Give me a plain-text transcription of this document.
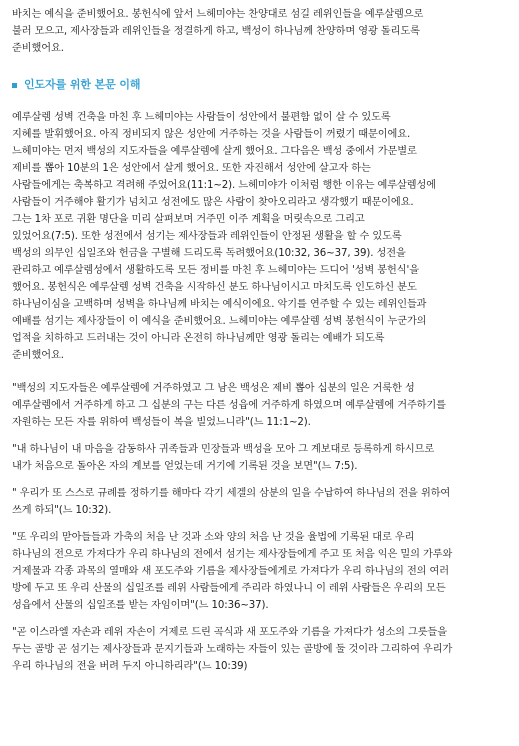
바치는 예식을 준비했어요. 봉헌식에 앞서 느헤미야는 찬양대로 섬길 레위인들을 예루살렘으로
불러 모으고, 제사장들과 레위인들을 정결하게 하고, 백성이 하나님께 찬양하며 영광 돌리도록
준비했어요.
인도자를 위한 본문 이해
예루살렘 성벽 건축을 마친 후 느헤미야는 사람들이 성안에서 불편함 없이 살 수 있도록
지혜를 발휘했어요. 아직 정비되지 않은 성안에 거주하는 것을 사람들이 꺼렸기 때문이에요.
느헤미야는 먼저 백성의 지도자들을 예루살렘에 살게 했어요. 그다음은 백성 중에서 가문별로
제비를 뽑아 10분의 1은 성안에서 살게 했어요. 또한 자진해서 성안에 살고자 하는
사람들에게는 축복하고 격려해 주었어요(11:1~2). 느헤미야가 이처럼 행한 이유는 예루살렘성에
사람들이 거주해야 활기가 넘치고 성전에도 많은 사람이 찾아오리라고 생각했기 때문이에요.
그는 1차 포로 귀환 명단을 미리 살펴보며 거주민 이주 계획을 머릿속으로 그리고
있었어요(7:5). 또한 성전에서 섬기는 제사장들과 레위인들이 안정된 생활을 할 수 있도록
백성의 의무인 십일조와 헌금을 구별해 드리도록 독려했어요(10:32, 36~37, 39). 성전을
관리하고 예루살렘성에서 생활하도록 모든 정비를 마친 후 느헤미야는 드디어 '성벽 봉헌식'을
했어요. 봉헌식은 예루살렘 성벽 건축을 시작하신 분도 하나님이시고 마치도록 인도하신 분도
하나님이심을 고백하며 성벽을 하나님께 바치는 예식이에요. 악기를 연주할 수 있는 레위인들과
예배를 섬기는 제사장들이 이 예식을 준비했어요. 느헤미야는 예루살렘 성벽 봉헌식이 누군가의
업적을 치하하고 드러내는 것이 아니라 온전히 하나님께만 영광 돌리는 예배가 되도록
준비했어요.
"백성의 지도자들은 예루살렘에 거주하였고 그 남은 백성은 제비 뽑아 십분의 일은 거룩한 성
예루살렘에서 거주하게 하고 그 십분의 구는 다른 성읍에 거주하게 하였으며 예루살렘에 거주하기를
자원하는 모든 자를 위하여 백성들이 복을 빌었느니라"(느 11:1~2).
"내 하나님이 내 마음을 감동하사 귀족들과 민장들과 백성을 모아 그 계보대로 등록하게 하시므로
내가 처음으로 돌아온 자의 계보를 얻었는데 거기에 기록된 것을 보면"(느 7:5).
" 우리가 또 스스로 규례를 정하기를 해마다 각기 세겔의 삼분의 일을 수납하여 하나님의 전을 위하여
쓰게 하되"(느 10:32).
"또 우리의 맏아들들과 가축의 처음 난 것과 소와 양의 처음 난 것을 율법에 기록된 대로 우리
하나님의 전으로 가져다가 우리 하나님의 전에서 섬기는 제사장들에게 주고 또 처음 익은 밀의 가루와
거제물과 각종 과목의 열매와 새 포도주와 기름을 제사장들에게로 가져다가 우리 하나님의 전의 여러
방에 두고 또 우리 산물의 십일조를 레위 사람들에게 주리라 하였나니 이 레위 사람들은 우리의 모든
성읍에서 산물의 십일조를 받는 자임이며"(느 10:36~37).
"곧 이스라엘 자손과 레위 자손이 거제로 드린 곡식과 새 포도주와 기름을 가져다가 성소의 그릇들을
두는 골방 곧 섬기는 제사장들과 문지기들과 노래하는 자들이 있는 골방에 둘 것이라 그리하여 우리가
우리 하나님의 전을 버려 두지 아니하리라"(느 10:39)
